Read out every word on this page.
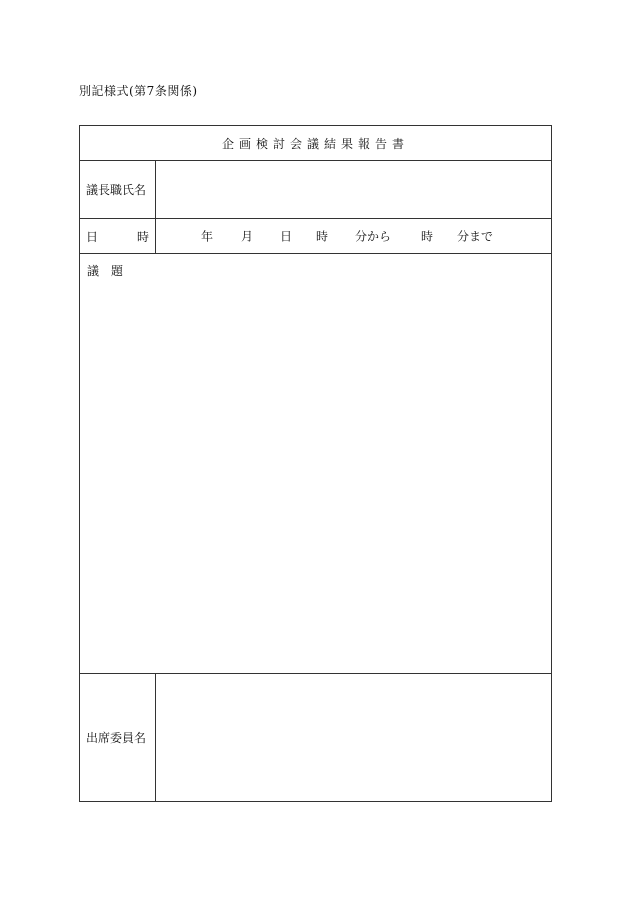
別記様式(第7条関係)
企画検討会議結果報告書
議長職氏名
日	時	年 月 日 時 分から 時 分まで
議 題
出席委員名
